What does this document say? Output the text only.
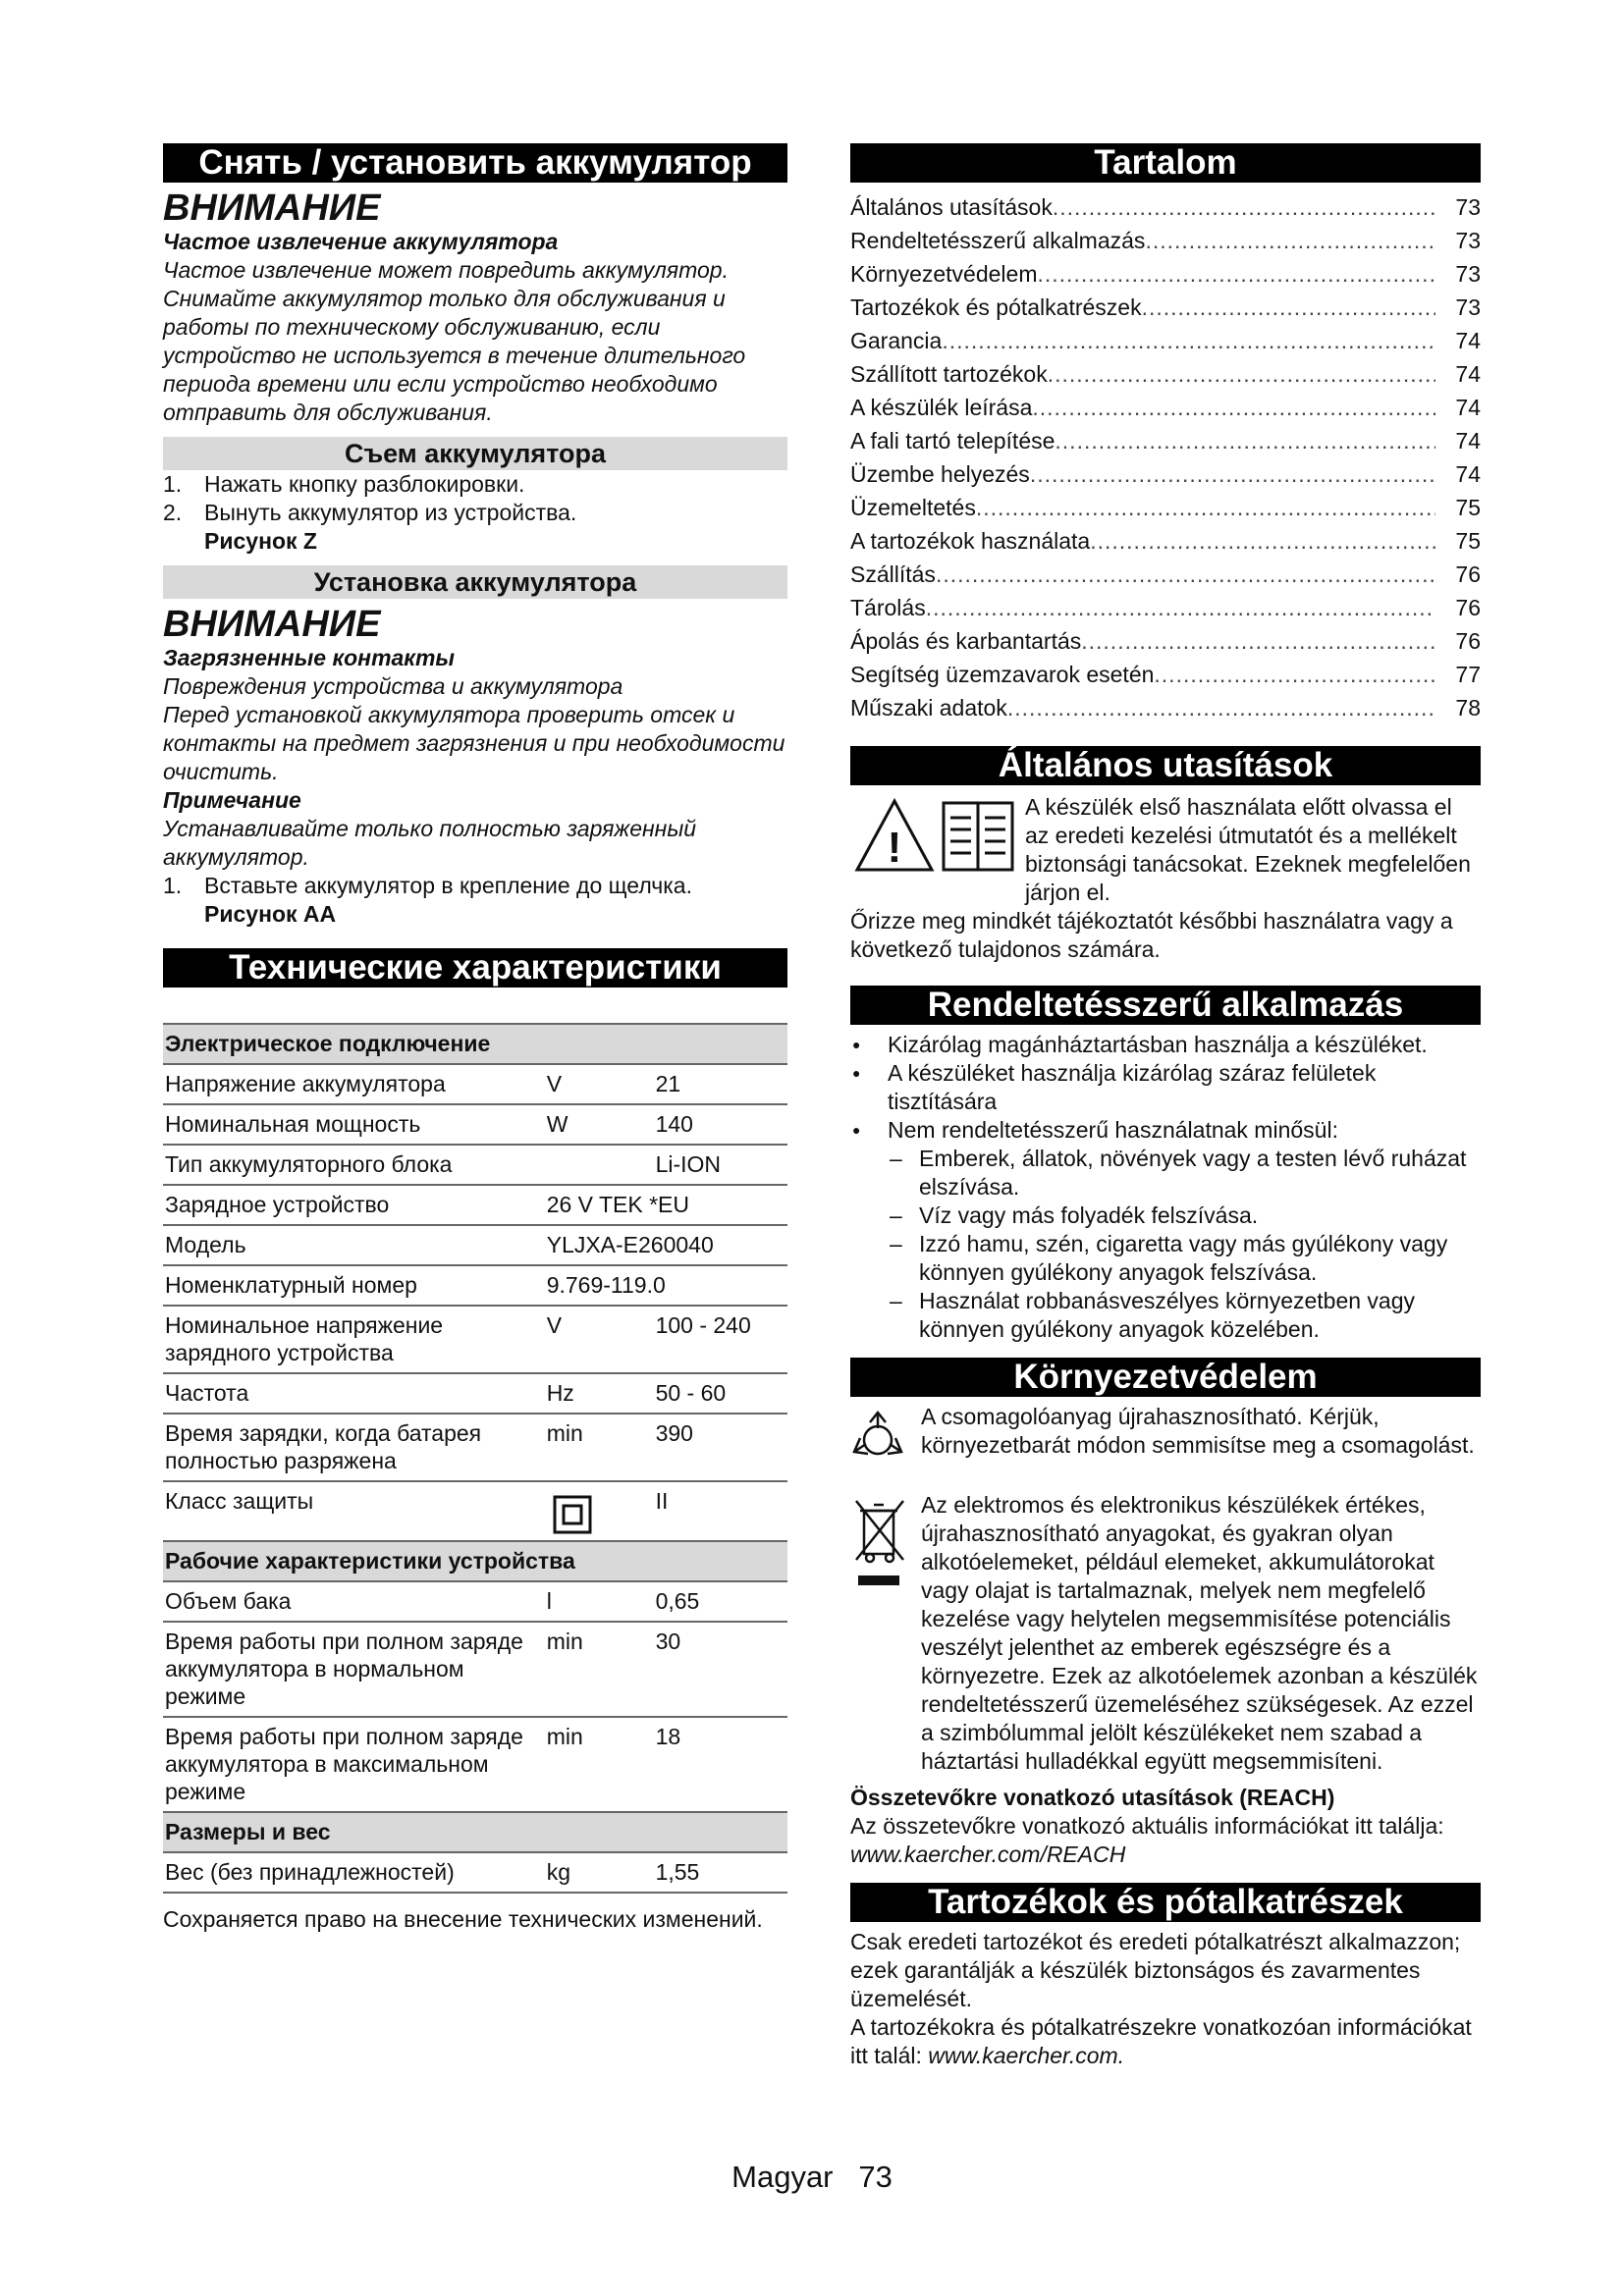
Снять / установить аккумулятор
ВНИМАНИЕ
Частое извлечение аккумулятора
Частое извлечение может повредить аккумулятор.
Снимайте аккумулятор только для обслуживания и работы по техническому обслуживанию, если устройство не используется в течение длительного периода времени или если устройство необходимо отправить для обслуживания.
Съем аккумулятора
1. Нажать кнопку разблокировки.
2. Вынуть аккумулятор из устройства.
Рисунок Z
Установка аккумулятора
ВНИМАНИЕ
Загрязненные контакты
Повреждения устройства и аккумулятора
Перед установкой аккумулятора проверить отсек и контакты на предмет загрязнения и при необходимости очистить.
Примечание
Устанавливайте только полностью заряженный аккумулятор.
1. Вставьте аккумулятор в крепление до щелчка.
Рисунок AA
Технические характеристики
Электрическое подключение		
Напряжение аккумулятора	V	21
Номинальная мощность	W	140
Тип аккумуляторного блока		Li-ION
Зарядное устройство	26 V TEK *EU	
Модель	YLJXA-E260040	
Номенклатурный номер	9.769-119.0	
Номинальное напряжение зарядного устройства	V	100 - 240
Частота	Hz	50 - 60
Время зарядки, когда батарея полностью разряжена	min	390
Класс защиты		II
Рабочие характеристики устройства		
Объем бака	l	0,65
Время работы при полном заряде аккумулятора в нормальном режиме	min	30
Время работы при полном заряде аккумулятора в максимальном режиме	min	18
Размеры и вес		
Вес (без принадлежностей)	kg	1,55
Сохраняется право на внесение технических изменений.
Tartalom
Általános utasítások .....	73
Rendeltetésszerű alkalmazás .....	73
Környezetvédelem .....	73
Tartozékok és pótalkatrészek .....	73
Garancia .....	74
Szállított tartozékok .....	74
A készülék leírása .....	74
A fali tartó telepítése .....	74
Üzembe helyezés .....	74
Üzemeltetés .....	75
A tartozékok használata .....	75
Szállítás .....	76
Tárolás .....	76
Ápolás és karbantartás .....	76
Segítség üzemzavarok esetén .....	77
Műszaki adatok .....	78
Általános utasítások
!
A készülék első használata előtt olvassa el az eredeti kezelési útmutatót és a mellékelt biztonsági tanácsokat. Ezeknek megfelelően járjon el.
Őrizze meg mindkét tájékoztatót későbbi használatra vagy a következő tulajdonos számára.
Rendeltetésszerű alkalmazás
● Kizárólag magánháztartásban használja a készüléket.
● A készüléket használja kizárólag száraz felületek tisztítására
● Nem rendeltetésszerű használatnak minősül:
– Emberek, állatok, növények vagy a testen lévő ruházat elszívása.
– Víz vagy más folyadék felszívása.
– Izzó hamu, szén, cigaretta vagy más gyúlékony vagy könnyen gyúlékony anyagok felszívása.
– Használat robbanásveszélyes környezetben vagy könnyen gyúlékony anyagok közelében.
Környezetvédelem
A csomagolóanyag újrahasznosítható. Kérjük, környezetbarát módon semmisítse meg a csomagolást.
Az elektromos és elektronikus készülékek értékes, újrahasznosítható anyagokat, és gyakran olyan alkotóelemeket, például elemeket, akkumulátorokat vagy olajat is tartalmaznak, melyek nem megfelelő kezelése vagy helytelen megsemmisítése potenciális veszélyt jelenthet az emberek egészségre és a környezetre. Ezek az alkotóelemek azonban a készülék rendeltetésszerű üzemeléséhez szükségesek. Az ezzel a szimbólummal jelölt készülékeket nem szabad a háztartási hulladékkal együtt megsemmisíteni.
Összetevőkre vonatkozó utasítások (REACH)
Az összetevőkre vonatkozó aktuális információkat itt találja: www.kaercher.com/REACH
Tartozékok és pótalkatrészek
Csak eredeti tartozékot és eredeti pótalkatrészt alkalmazzon; ezek garantálják a készülék biztonságos és zavarmentes üzemelését.
A tartozékokra és pótalkatrészekre vonatkozóan információkat itt talál: www.kaercher.com.
Magyar 73
